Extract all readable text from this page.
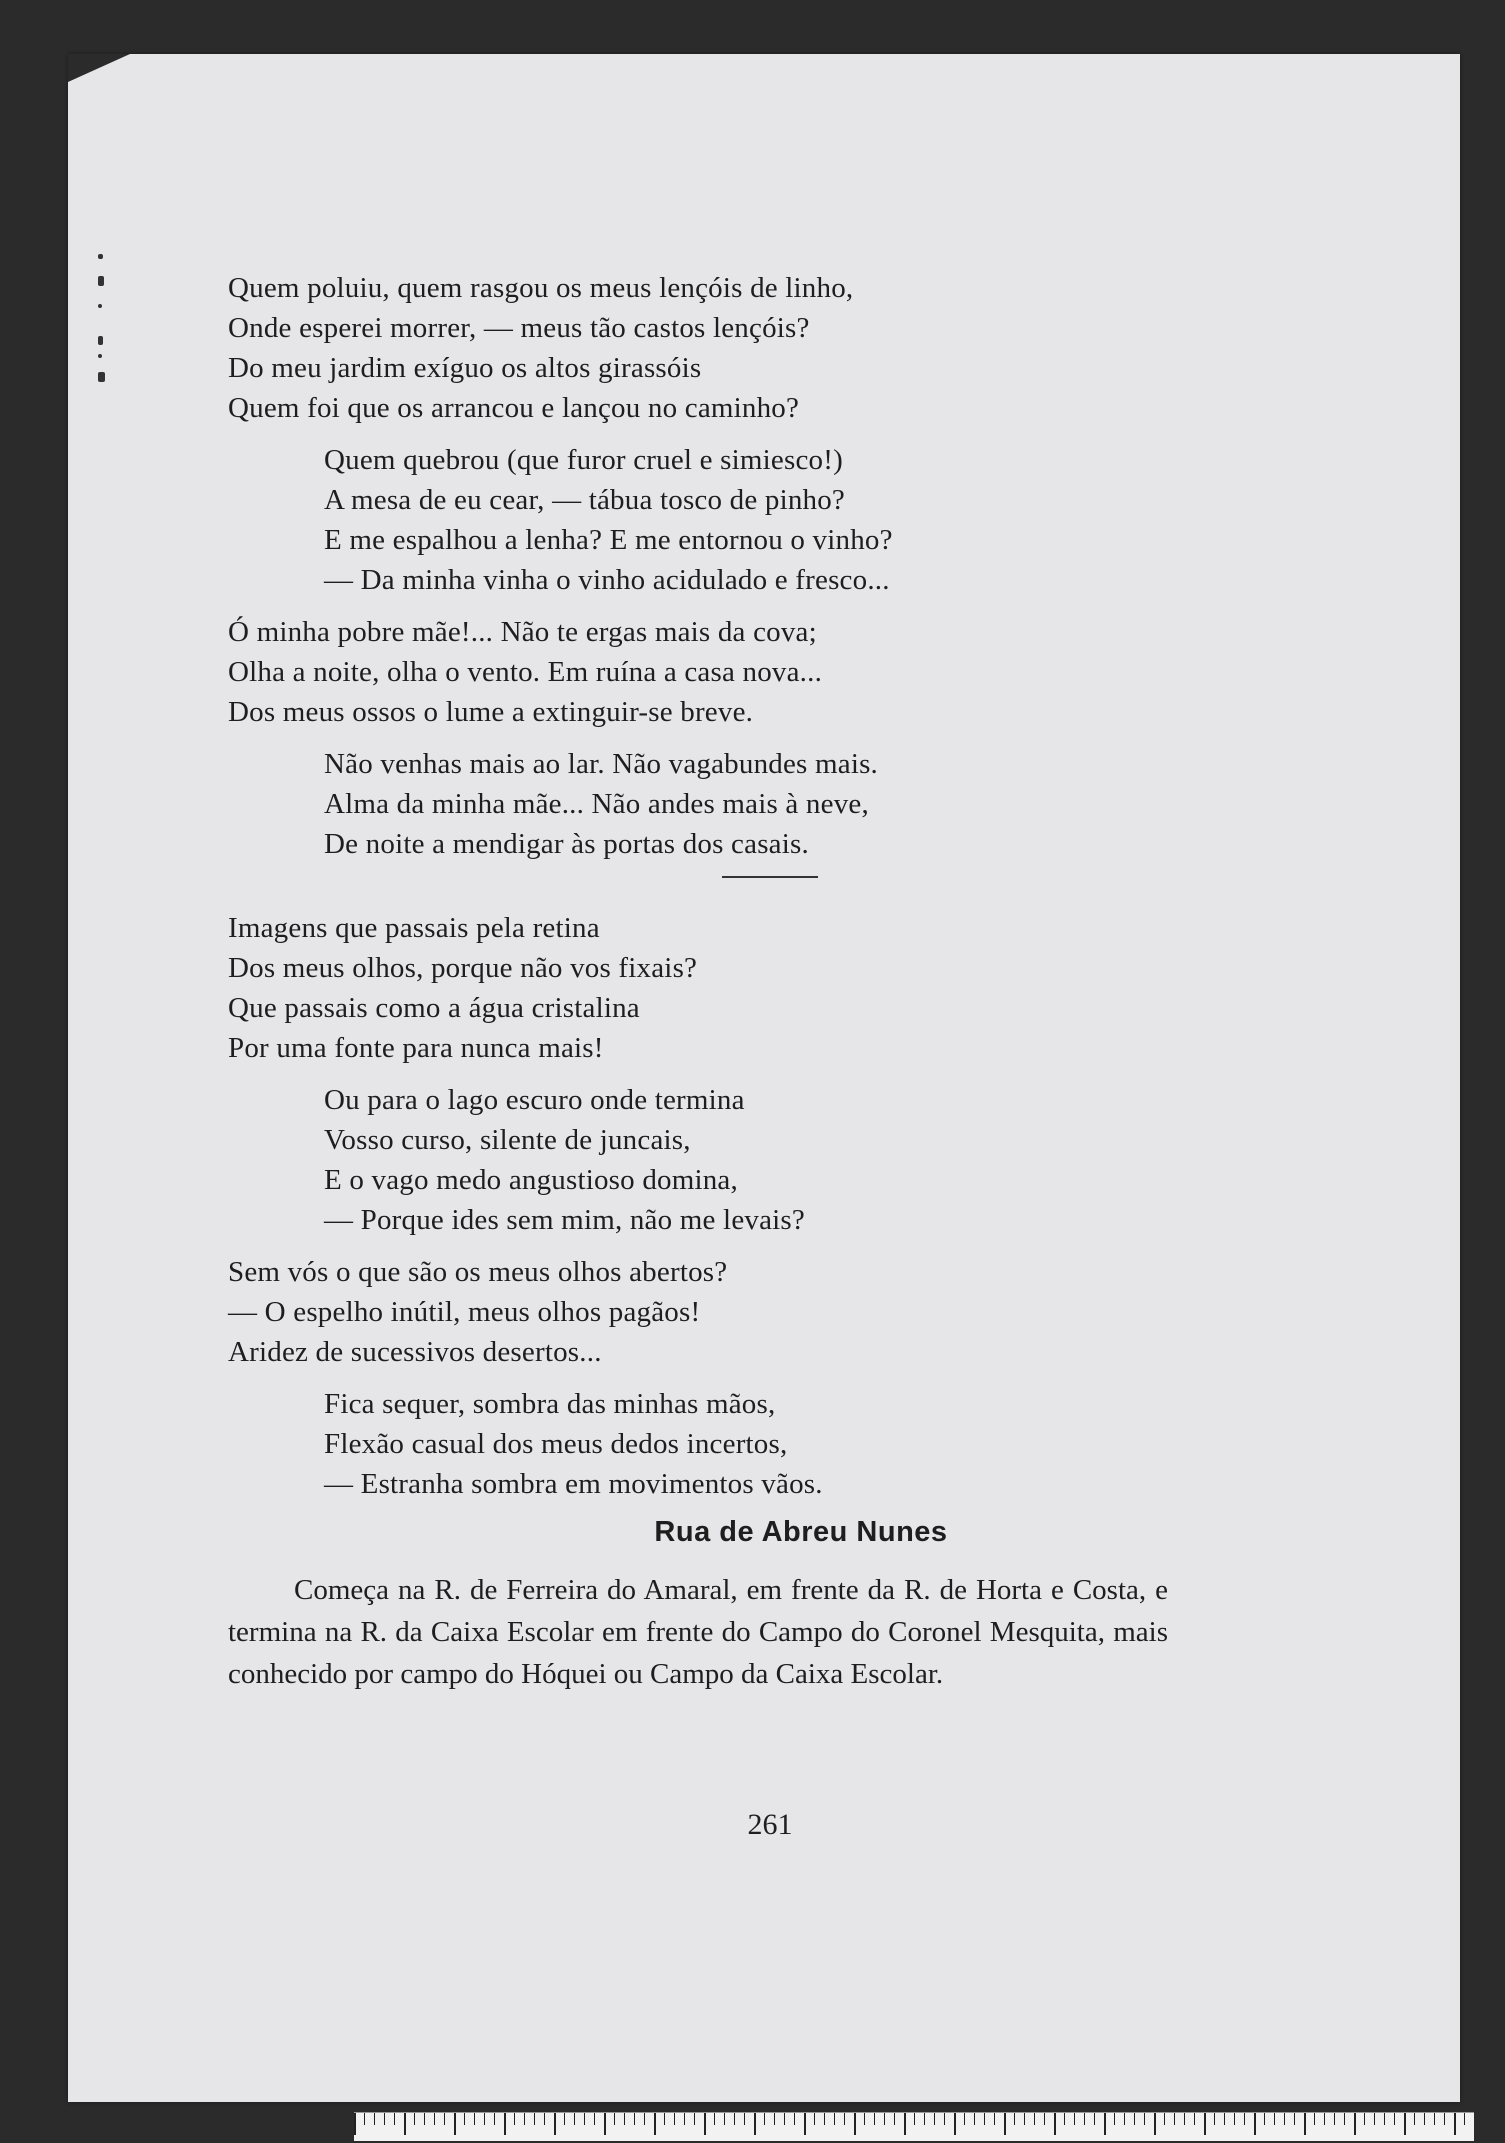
Quem poluiu, quem rasgou os meus lençóis de linho,
Onde esperei morrer, — meus tão castos lençóis?
Do meu jardim exíguo os altos girassóis
Quem foi que os arrancou e lançou no caminho?
Quem quebrou (que furor cruel e simiesco!)
A mesa de eu cear, — tábua tosco de pinho?
E me espalhou a lenha? E me entornou o vinho?
— Da minha vinha o vinho acidulado e fresco...
Ó minha pobre mãe!... Não te ergas mais da cova;
Olha a noite, olha o vento. Em ruína a casa nova...
Dos meus ossos o lume a extinguir-se breve.
Não venhas mais ao lar. Não vagabundes mais.
Alma da minha mãe... Não andes mais à neve,
De noite a mendigar às portas dos casais.
Imagens que passais pela retina
Dos meus olhos, porque não vos fixais?
Que passais como a água cristalina
Por uma fonte para nunca mais!
Ou para o lago escuro onde termina
Vosso curso, silente de juncais,
E o vago medo angustioso domina,
— Porque ides sem mim, não me levais?
Sem vós o que são os meus olhos abertos?
— O espelho inútil, meus olhos pagãos!
Aridez de sucessivos desertos...
Fica sequer, sombra das minhas mãos,
Flexão casual dos meus dedos incertos,
— Estranha sombra em movimentos vãos.
Rua de Abreu Nunes

Começa na R. de Ferreira do Amaral, em frente da R. de Horta e Costa, e termina na R. da Caixa Escolar em frente do Campo do Coronel Mesquita, mais conhecido por campo do Hóquei ou Campo da Caixa Escolar.

261
